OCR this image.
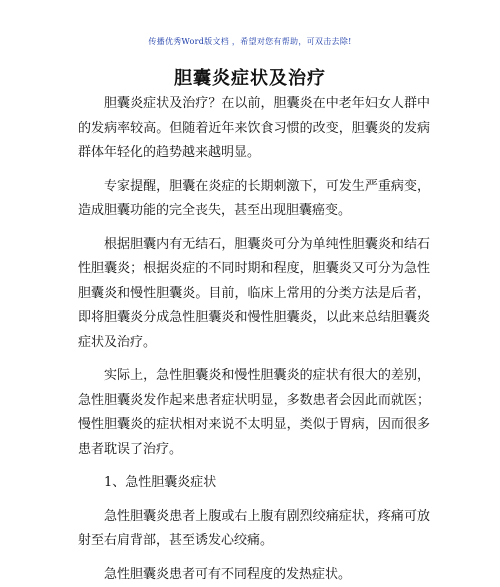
传播优秀Word版文档 ，希望对您有帮助，可双击去除!
胆囊炎症状及治疗

胆囊炎症状及治疗？在以前，胆囊炎在中老年妇女人群中的发病率较高。但随着近年来饮食习惯的改变，胆囊炎的发病群体年轻化的趋势越来越明显。

专家提醒，胆囊在炎症的长期刺激下，可发生严重病变，造成胆囊功能的完全丧失，甚至出现胆囊癌变。

根据胆囊内有无结石，胆囊炎可分为单纯性胆囊炎和结石性胆囊炎；根据炎症的不同时期和程度，胆囊炎又可分为急性胆囊炎和慢性胆囊炎。目前，临床上常用的分类方法是后者，即将胆囊炎分成急性胆囊炎和慢性胆囊炎，以此来总结胆囊炎症状及治疗。

实际上，急性胆囊炎和慢性胆囊炎的症状有很大的差别，急性胆囊炎发作起来患者症状明显，多数患者会因此而就医；慢性胆囊炎的症状相对来说不太明显，类似于胃病，因而很多患者耽误了治疗。

1、急性胆囊炎症状

急性胆囊炎患者上腹或右上腹有剧烈绞痛症状，疼痛可放射至右肩背部，甚至诱发心绞痛。

急性胆囊炎患者可有不同程度的发热症状。
